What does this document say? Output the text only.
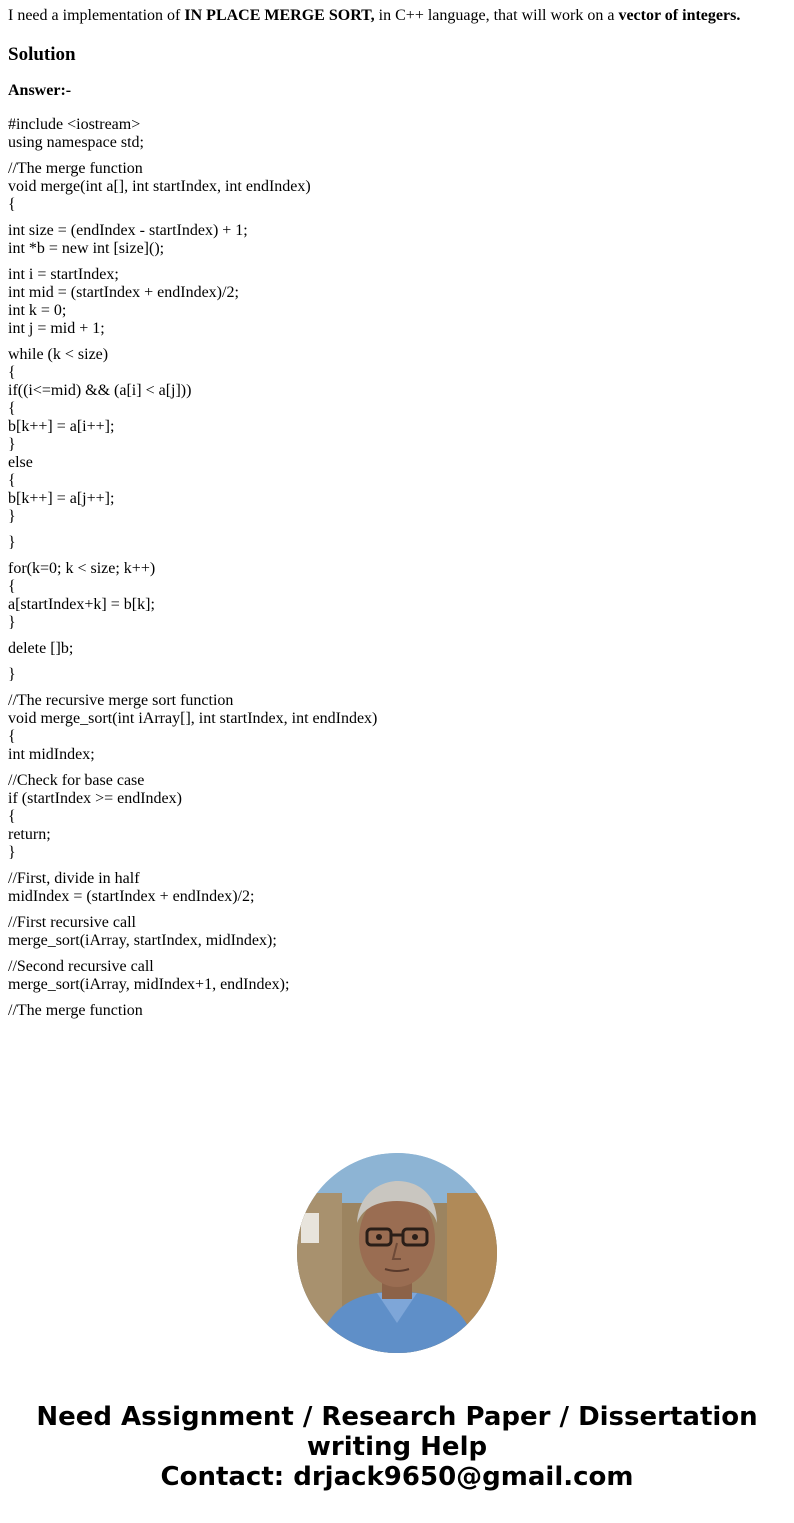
I need a implementation of IN PLACE MERGE SORT, in C++ language, that will work on a vector of integers.

Solution

Answer:-

#include <iostream>
using namespace std;
//The merge function
void merge(int a[], int startIndex, int endIndex)
{
int size = (endIndex - startIndex) + 1;
int *b = new int [size]();
int i = startIndex;
int mid = (startIndex + endIndex)/2;
int k = 0;
int j = mid + 1;
while (k < size)
{
if((i<=mid) && (a[i] < a[j]))
{
b[k++] = a[i++];
}
else
{
b[k++] = a[j++];
}
}
for(k=0; k < size; k++)
{
a[startIndex+k] = b[k];
}
delete []b;
}
//The recursive merge sort function
void merge_sort(int iArray[], int startIndex, int endIndex)
{
int midIndex;
//Check for base case
if (startIndex >= endIndex)
{
return;
}
//First, divide in half
midIndex = (startIndex + endIndex)/2;
//First recursive call
merge_sort(iArray, startIndex, midIndex);
//Second recursive call
merge_sort(iArray, midIndex+1, endIndex);
//The merge function
Need Assignment / Research Paper / Dissertation
writing Help
Contact: drjack9650@gmail.com
